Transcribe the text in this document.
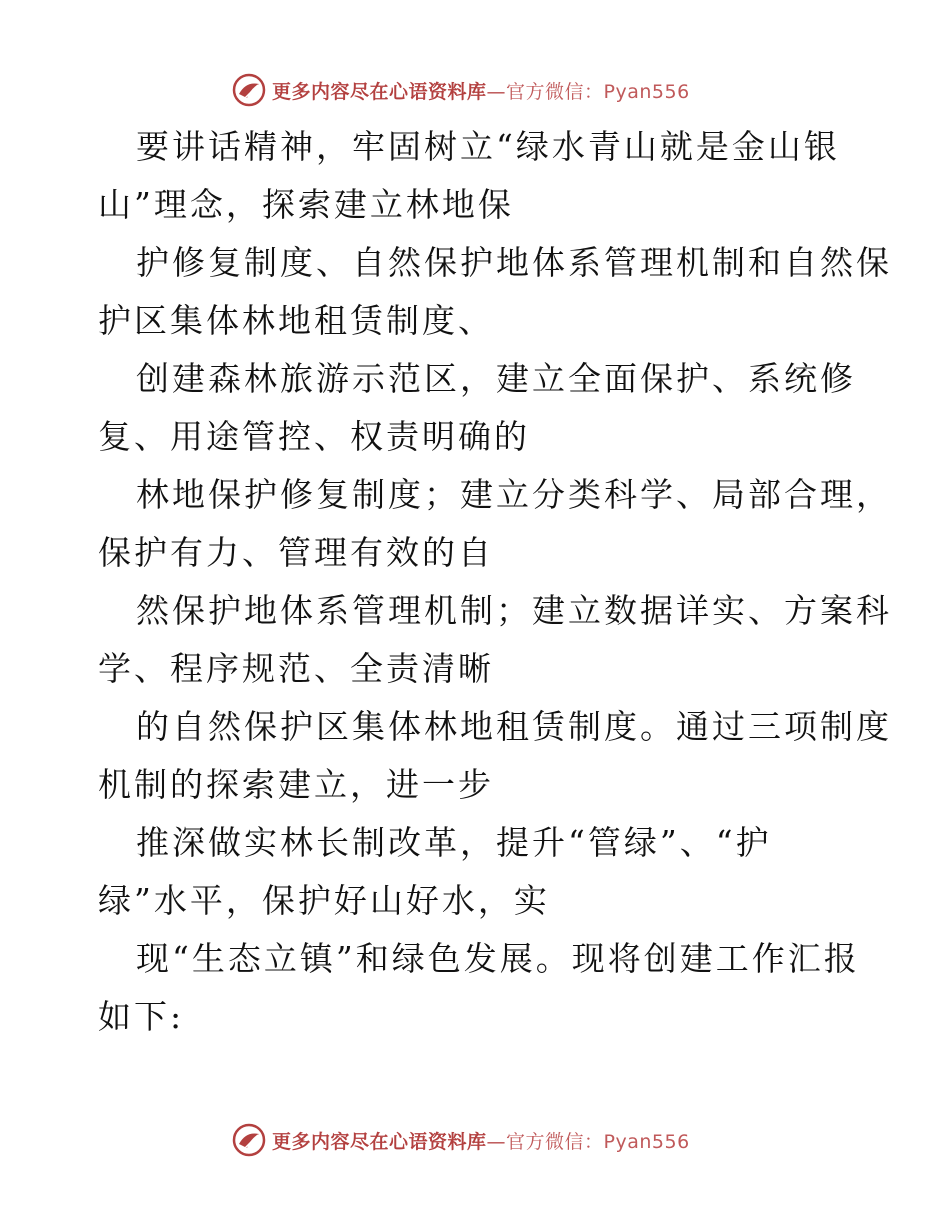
更多内容尽在心语资料库—官方微信：Pyan556

要讲话精神，牢固树立“绿水青山就是金山银

山”理念，探索建立林地保

护修复制度、自然保护地体系管理机制和自然保

护区集体林地租赁制度、

创建森林旅游示范区，建立全面保护、系统修

复、用途管控、权责明确的

林地保护修复制度；建立分类科学、局部合理，

保护有力、管理有效的自

然保护地体系管理机制；建立数据详实、方案科

学、程序规范、全责清晰

的自然保护区集体林地租赁制度。通过三项制度

机制的探索建立，进一步

推深做实林长制改革，提升“管绿”、“护

绿”水平，保护好山好水，实

现“生态立镇”和绿色发展。现将创建工作汇报

如下:

更多内容尽在心语资料库—官方微信：Pyan556
